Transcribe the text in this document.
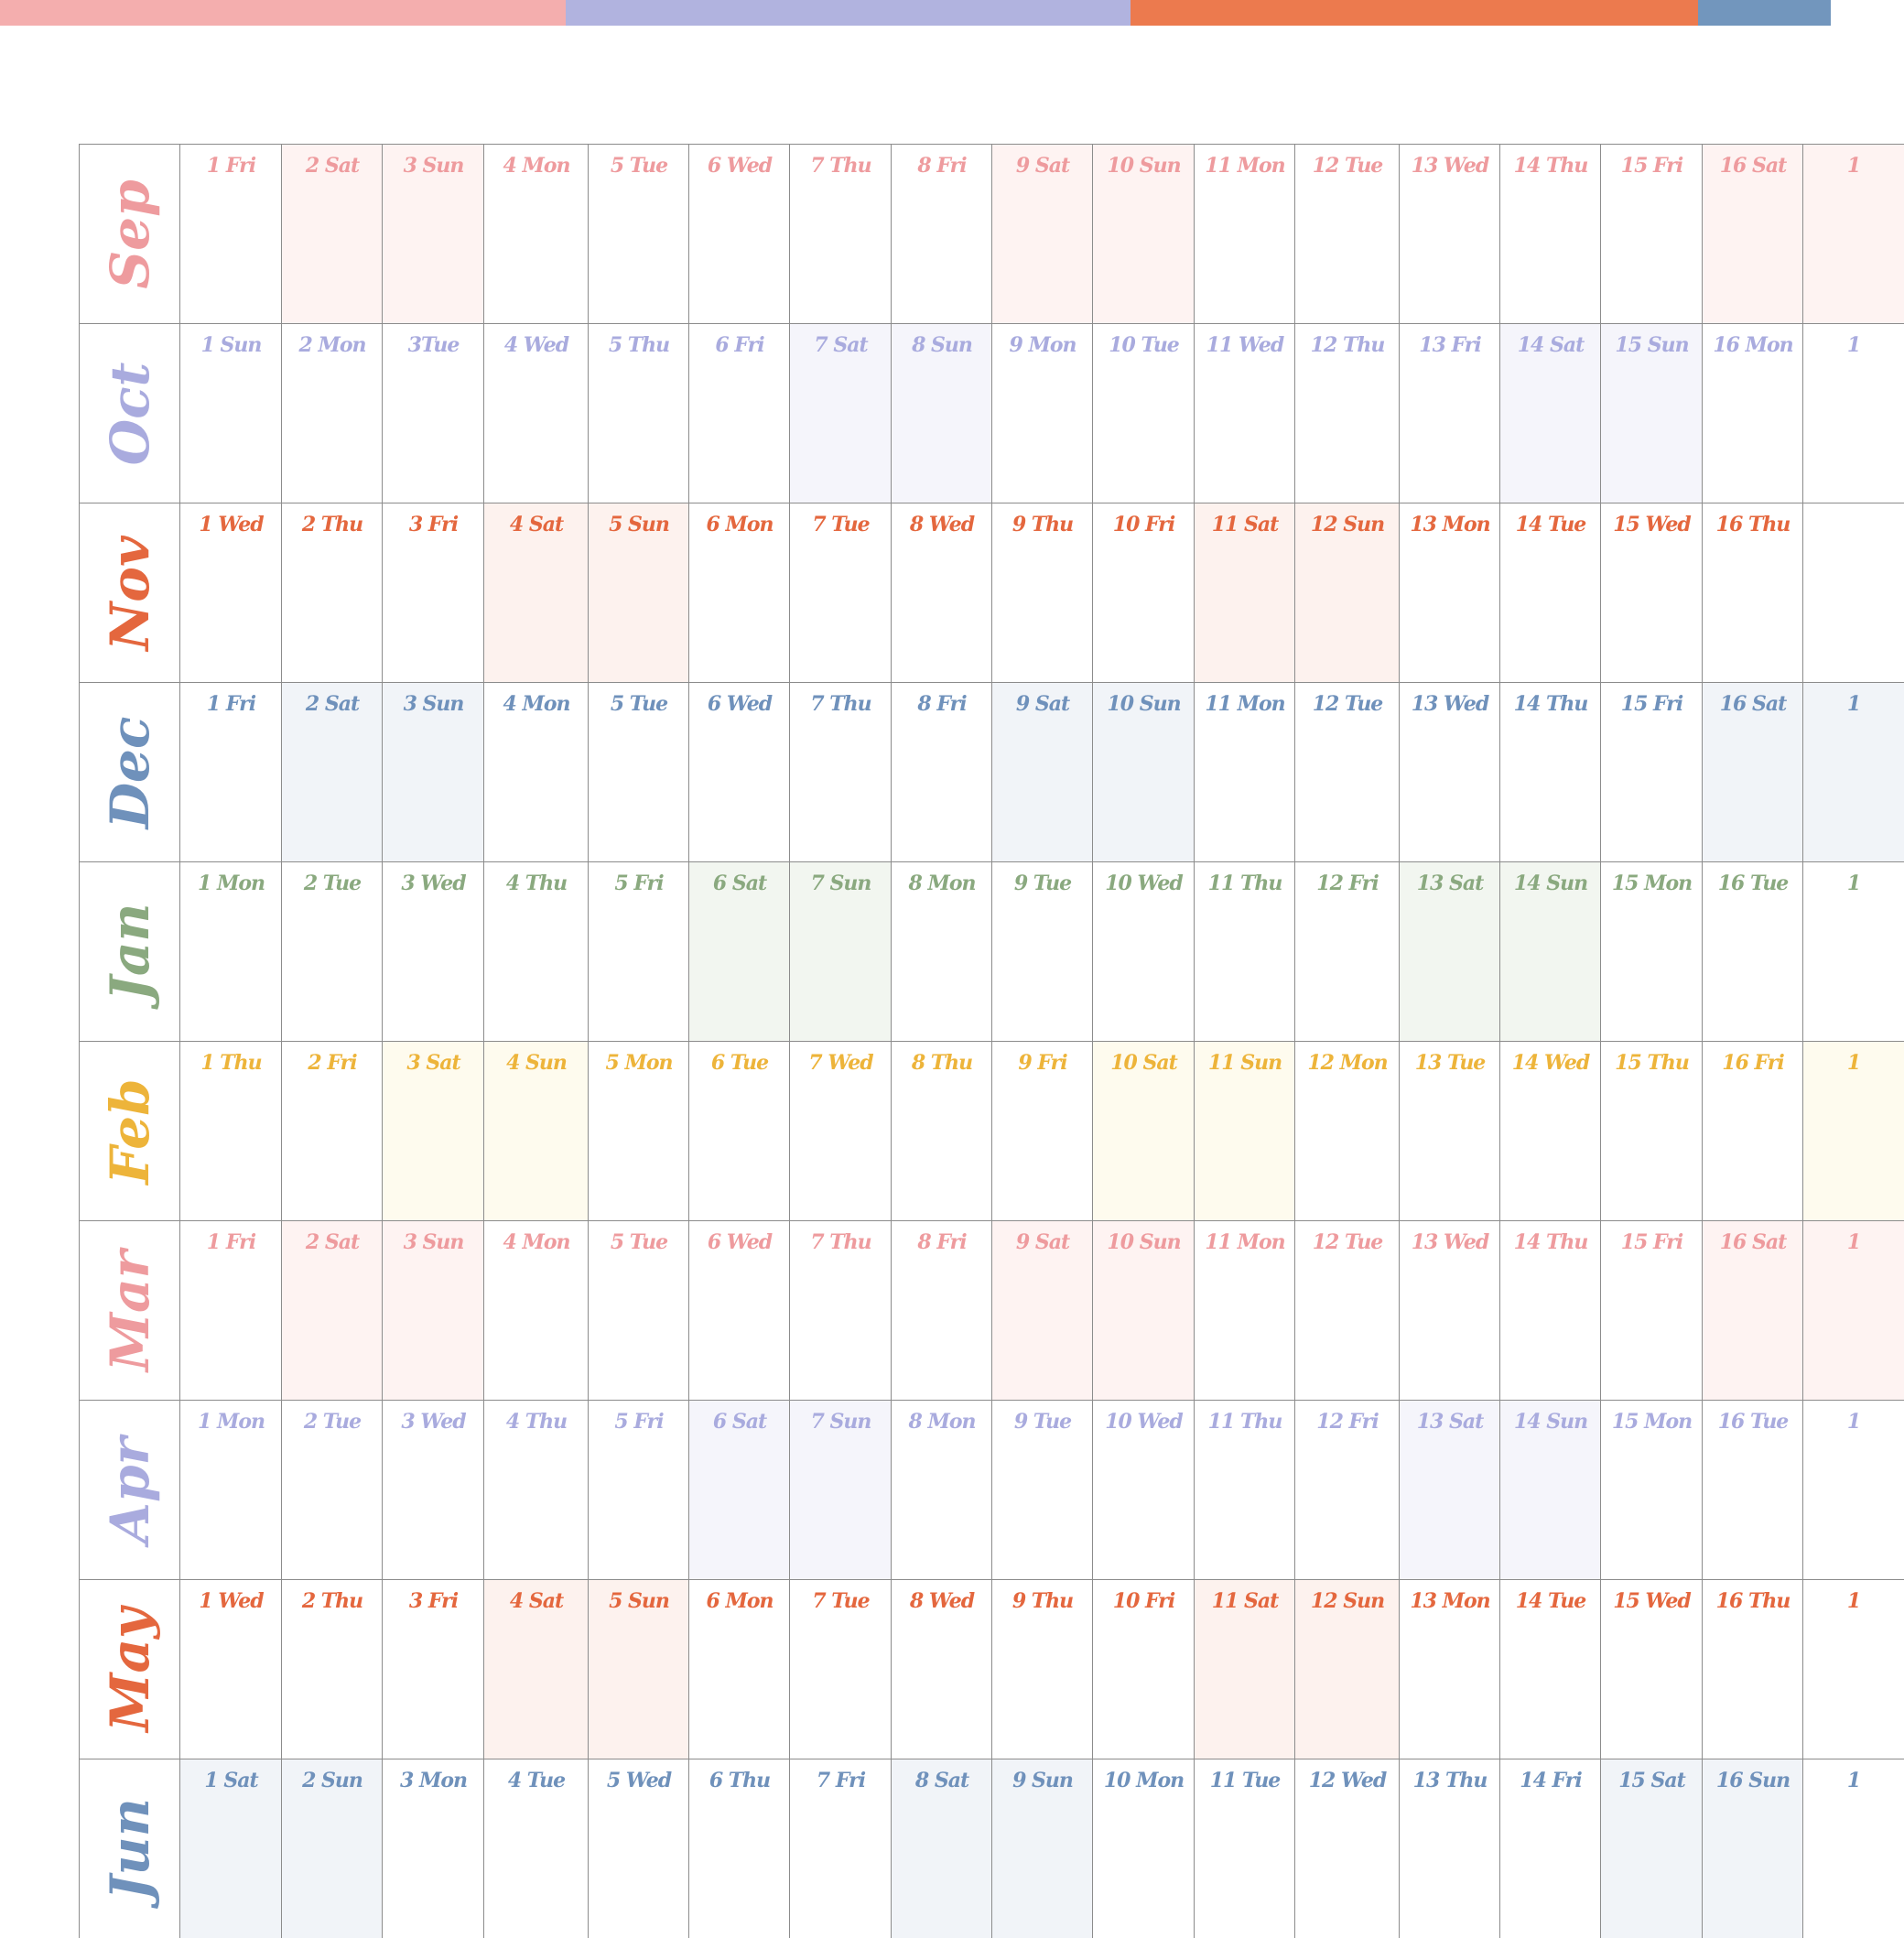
Sep
1 Fri	2 Sat	3 Sun	4 Mon	5 Tue	6 Wed	7 Thu	8 Fri	9 Sat	10 Sun	11 Mon	12 Tue	13 Wed	14 Thu	15 Fri	16 Sat	1
Oct
1 Sun	2 Mon	3Tue	4 Wed	5 Thu	6 Fri	7 Sat	8 Sun	9 Mon	10 Tue	11 Wed	12 Thu	13 Fri	14 Sat	15 Sun	16 Mon	1
Nov
1 Wed	2 Thu	3 Fri	4 Sat	5 Sun	6 Mon	7 Tue	8 Wed	9 Thu	10 Fri	11 Sat	12 Sun	13 Mon	14 Tue	15 Wed	16 Thu
Dec
1 Fri	2 Sat	3 Sun	4 Mon	5 Tue	6 Wed	7 Thu	8 Fri	9 Sat	10 Sun	11 Mon	12 Tue	13 Wed	14 Thu	15 Fri	16 Sat	1
Jan
1 Mon	2 Tue	3 Wed	4 Thu	5 Fri	6 Sat	7 Sun	8 Mon	9 Tue	10 Wed	11 Thu	12 Fri	13 Sat	14 Sun	15 Mon	16 Tue	1
Feb
1 Thu	2 Fri	3 Sat	4 Sun	5 Mon	6 Tue	7 Wed	8 Thu	9 Fri	10 Sat	11 Sun	12 Mon	13 Tue	14 Wed	15 Thu	16 Fri	1
Mar
1 Fri	2 Sat	3 Sun	4 Mon	5 Tue	6 Wed	7 Thu	8 Fri	9 Sat	10 Sun	11 Mon	12 Tue	13 Wed	14 Thu	15 Fri	16 Sat	1
Apr
1 Mon	2 Tue	3 Wed	4 Thu	5 Fri	6 Sat	7 Sun	8 Mon	9 Tue	10 Wed	11 Thu	12 Fri	13 Sat	14 Sun	15 Mon	16 Tue	1
May
1 Wed	2 Thu	3 Fri	4 Sat	5 Sun	6 Mon	7 Tue	8 Wed	9 Thu	10 Fri	11 Sat	12 Sun	13 Mon	14 Tue	15 Wed	16 Thu	1
Jun
1 Sat	2 Sun	3 Mon	4 Tue	5 Wed	6 Thu	7 Fri	8 Sat	9 Sun	10 Mon	11 Tue	12 Wed	13 Thu	14 Fri	15 Sat	16 Sun	1
